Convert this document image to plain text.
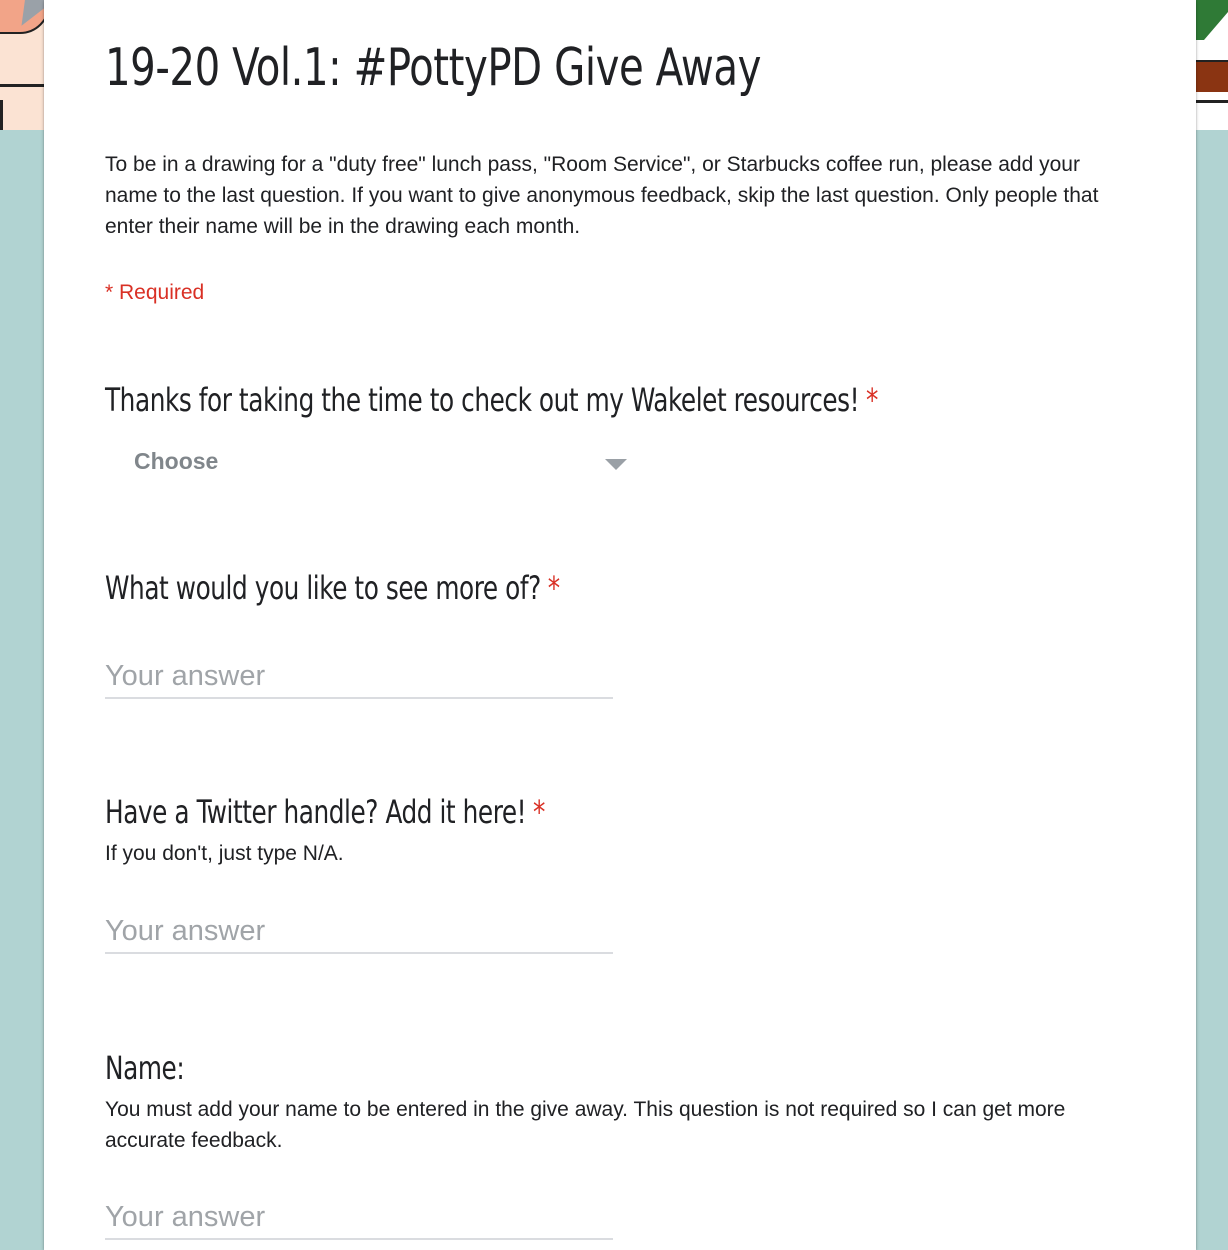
19-20 Vol.1: #PottyPD Give Away

To be in a drawing for a "duty free" lunch pass, "Room Service", or Starbucks coffee run, please add your name to the last question. If you want to give anonymous feedback, skip the last question. Only people that enter their name will be in the drawing each month.

* Required
Thanks for taking the time to check out my Wakelet resources! *
Choose
What would you like to see more of? *
Your answer
Have a Twitter handle? Add it here! *

If you don't, just type N/A.

Your answer
Name:

You must add your name to be entered in the give away. This question is not required so I can get more accurate feedback.

Your answer
